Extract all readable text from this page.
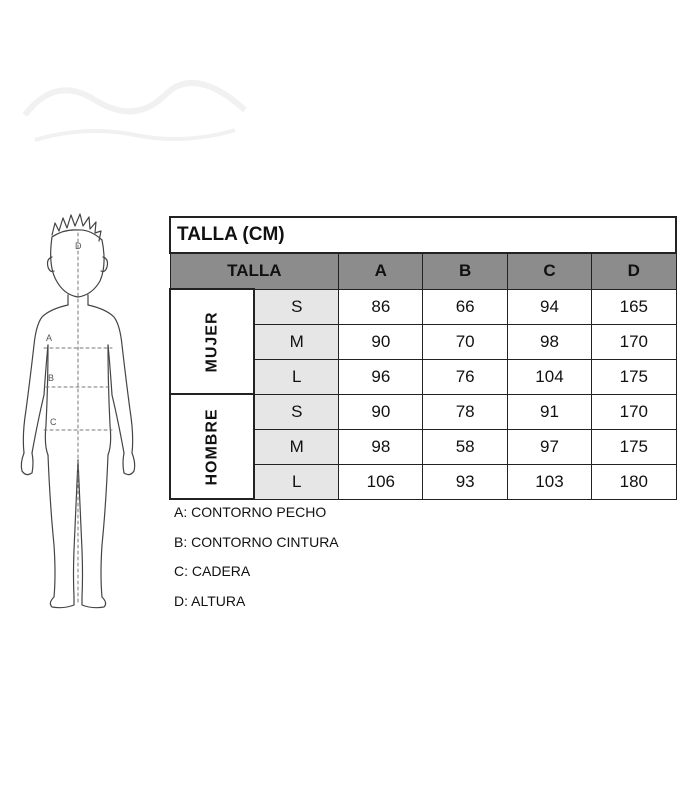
D
A
B
C
TALLA (CM)					
TALLA		A	B	C	D
MUJER	S	86	66	94	165
	M	90	70	98	170
	L	96	76	104	175
HOMBRE	S	90	78	91	170
	M	98	58	97	175
	L	106	93	103	180
A: CONTORNO PECHO
B: CONTORNO CINTURA
C: CADERA
D: ALTURA
